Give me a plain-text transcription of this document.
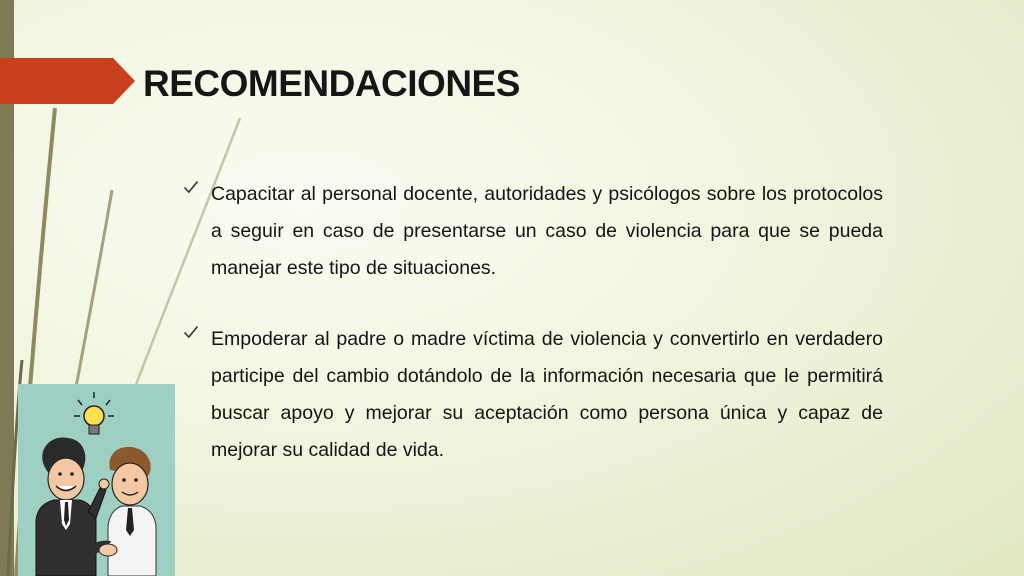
RECOMENDACIONES
Capacitar al personal docente, autoridades y psicólogos sobre los protocolos a seguir en caso de presentarse un caso de violencia para que se pueda manejar este tipo de situaciones.
Empoderar al padre o madre víctima de violencia y convertirlo en verdadero participe del cambio dotándolo de la información necesaria que le permitirá buscar apoyo y mejorar su aceptación como persona única y capaz de mejorar su calidad de vida.
